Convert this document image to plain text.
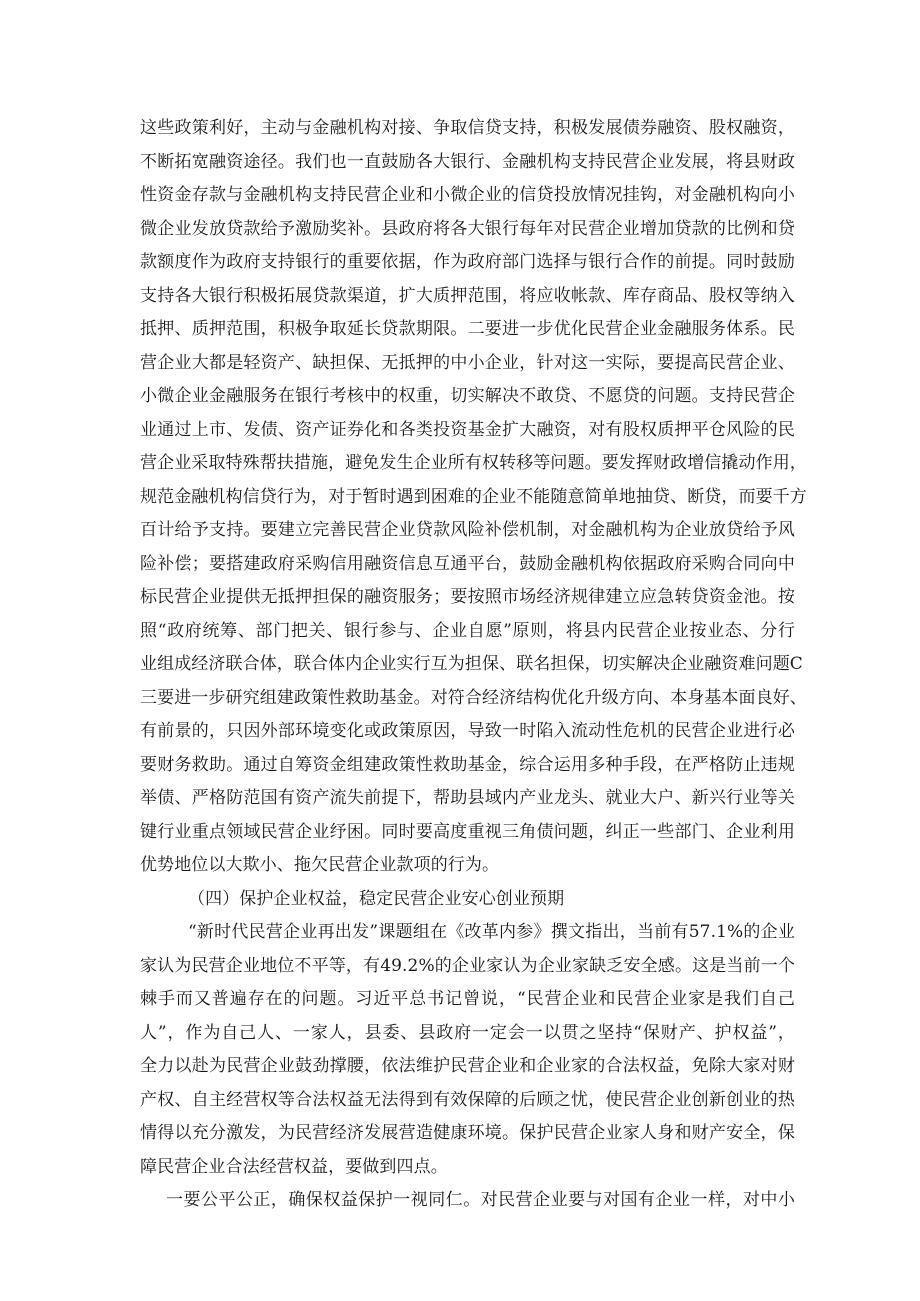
这些政策利好，主动与金融机构对接、争取信贷支持，积极发展债券融资、股权融资，
不断拓宽融资途径。我们也一直鼓励各大银行、金融机构支持民营企业发展，将县财政
性资金存款与金融机构支持民营企业和小微企业的信贷投放情况挂钩，对金融机构向小
微企业发放贷款给予激励奖补。县政府将各大银行每年对民营企业增加贷款的比例和贷
款额度作为政府支持银行的重要依据，作为政府部门选择与银行合作的前提。同时鼓励
支持各大银行积极拓展贷款渠道，扩大质押范围，将应收帐款、库存商品、股权等纳入
抵押、质押范围，积极争取延长贷款期限。二要进一步优化民营企业金融服务体系。民
营企业大都是轻资产、缺担保、无抵押的中小企业，针对这一实际，要提高民营企业、
小微企业金融服务在银行考核中的权重，切实解决不敢贷、不愿贷的问题。支持民营企
业通过上市、发债、资产证券化和各类投资基金扩大融资，对有股权质押平仓风险的民
营企业采取特殊帮扶措施，避免发生企业所有权转移等问题。要发挥财政增信撬动作用，
规范金融机构信贷行为，对于暂时遇到困难的企业不能随意简单地抽贷、断贷，而要千方
百计给予支持。要建立完善民营企业贷款风险补偿机制，对金融机构为企业放贷给予风
险补偿；要搭建政府采购信用融资信息互通平台，鼓励金融机构依据政府采购合同向中
标民营企业提供无抵押担保的融资服务；要按照市场经济规律建立应急转贷资金池。按
照“政府统筹、部门把关、银行参与、企业自愿”原则，将县内民营企业按业态、分行
业组成经济联合体，联合体内企业实行互为担保、联名担保，切实解决企业融资难问题C
三要进一步研究组建政策性救助基金。对符合经济结构优化升级方向、本身基本面良好、
有前景的，只因外部环境变化或政策原因，导致一时陷入流动性危机的民营企业进行必
要财务救助。通过自筹资金组建政策性救助基金，综合运用多种手段，在严格防止违规
举债、严格防范国有资产流失前提下，帮助县域内产业龙头、就业大户、新兴行业等关
键行业重点领域民营企业纾困。同时要高度重视三角债问题，纠正一些部门、企业利用
优势地位以大欺小、拖欠民营企业款项的行为。
（四）保护企业权益，稳定民营企业安心创业预期
“新时代民营企业再出发”课题组在《改革内参》撰文指出，当前有57.1%的企业
家认为民营企业地位不平等，有49.2%的企业家认为企业家缺乏安全感。这是当前一个
棘手而又普遍存在的问题。习近平总书记曾说，“民营企业和民营企业家是我们自己
人”，作为自己人、一家人，县委、县政府一定会一以贯之坚持“保财产、护权益”，
全力以赴为民营企业鼓劲撑腰，依法维护民营企业和企业家的合法权益，免除大家对财
产权、自主经营权等合法权益无法得到有效保障的后顾之忧，使民营企业创新创业的热
情得以充分激发，为民营经济发展营造健康环境。保护民营企业家人身和财产安全，保
障民营企业合法经营权益，要做到四点。
一要公平公正，确保权益保护一视同仁。对民营企业要与对国有企业一样，对中小
